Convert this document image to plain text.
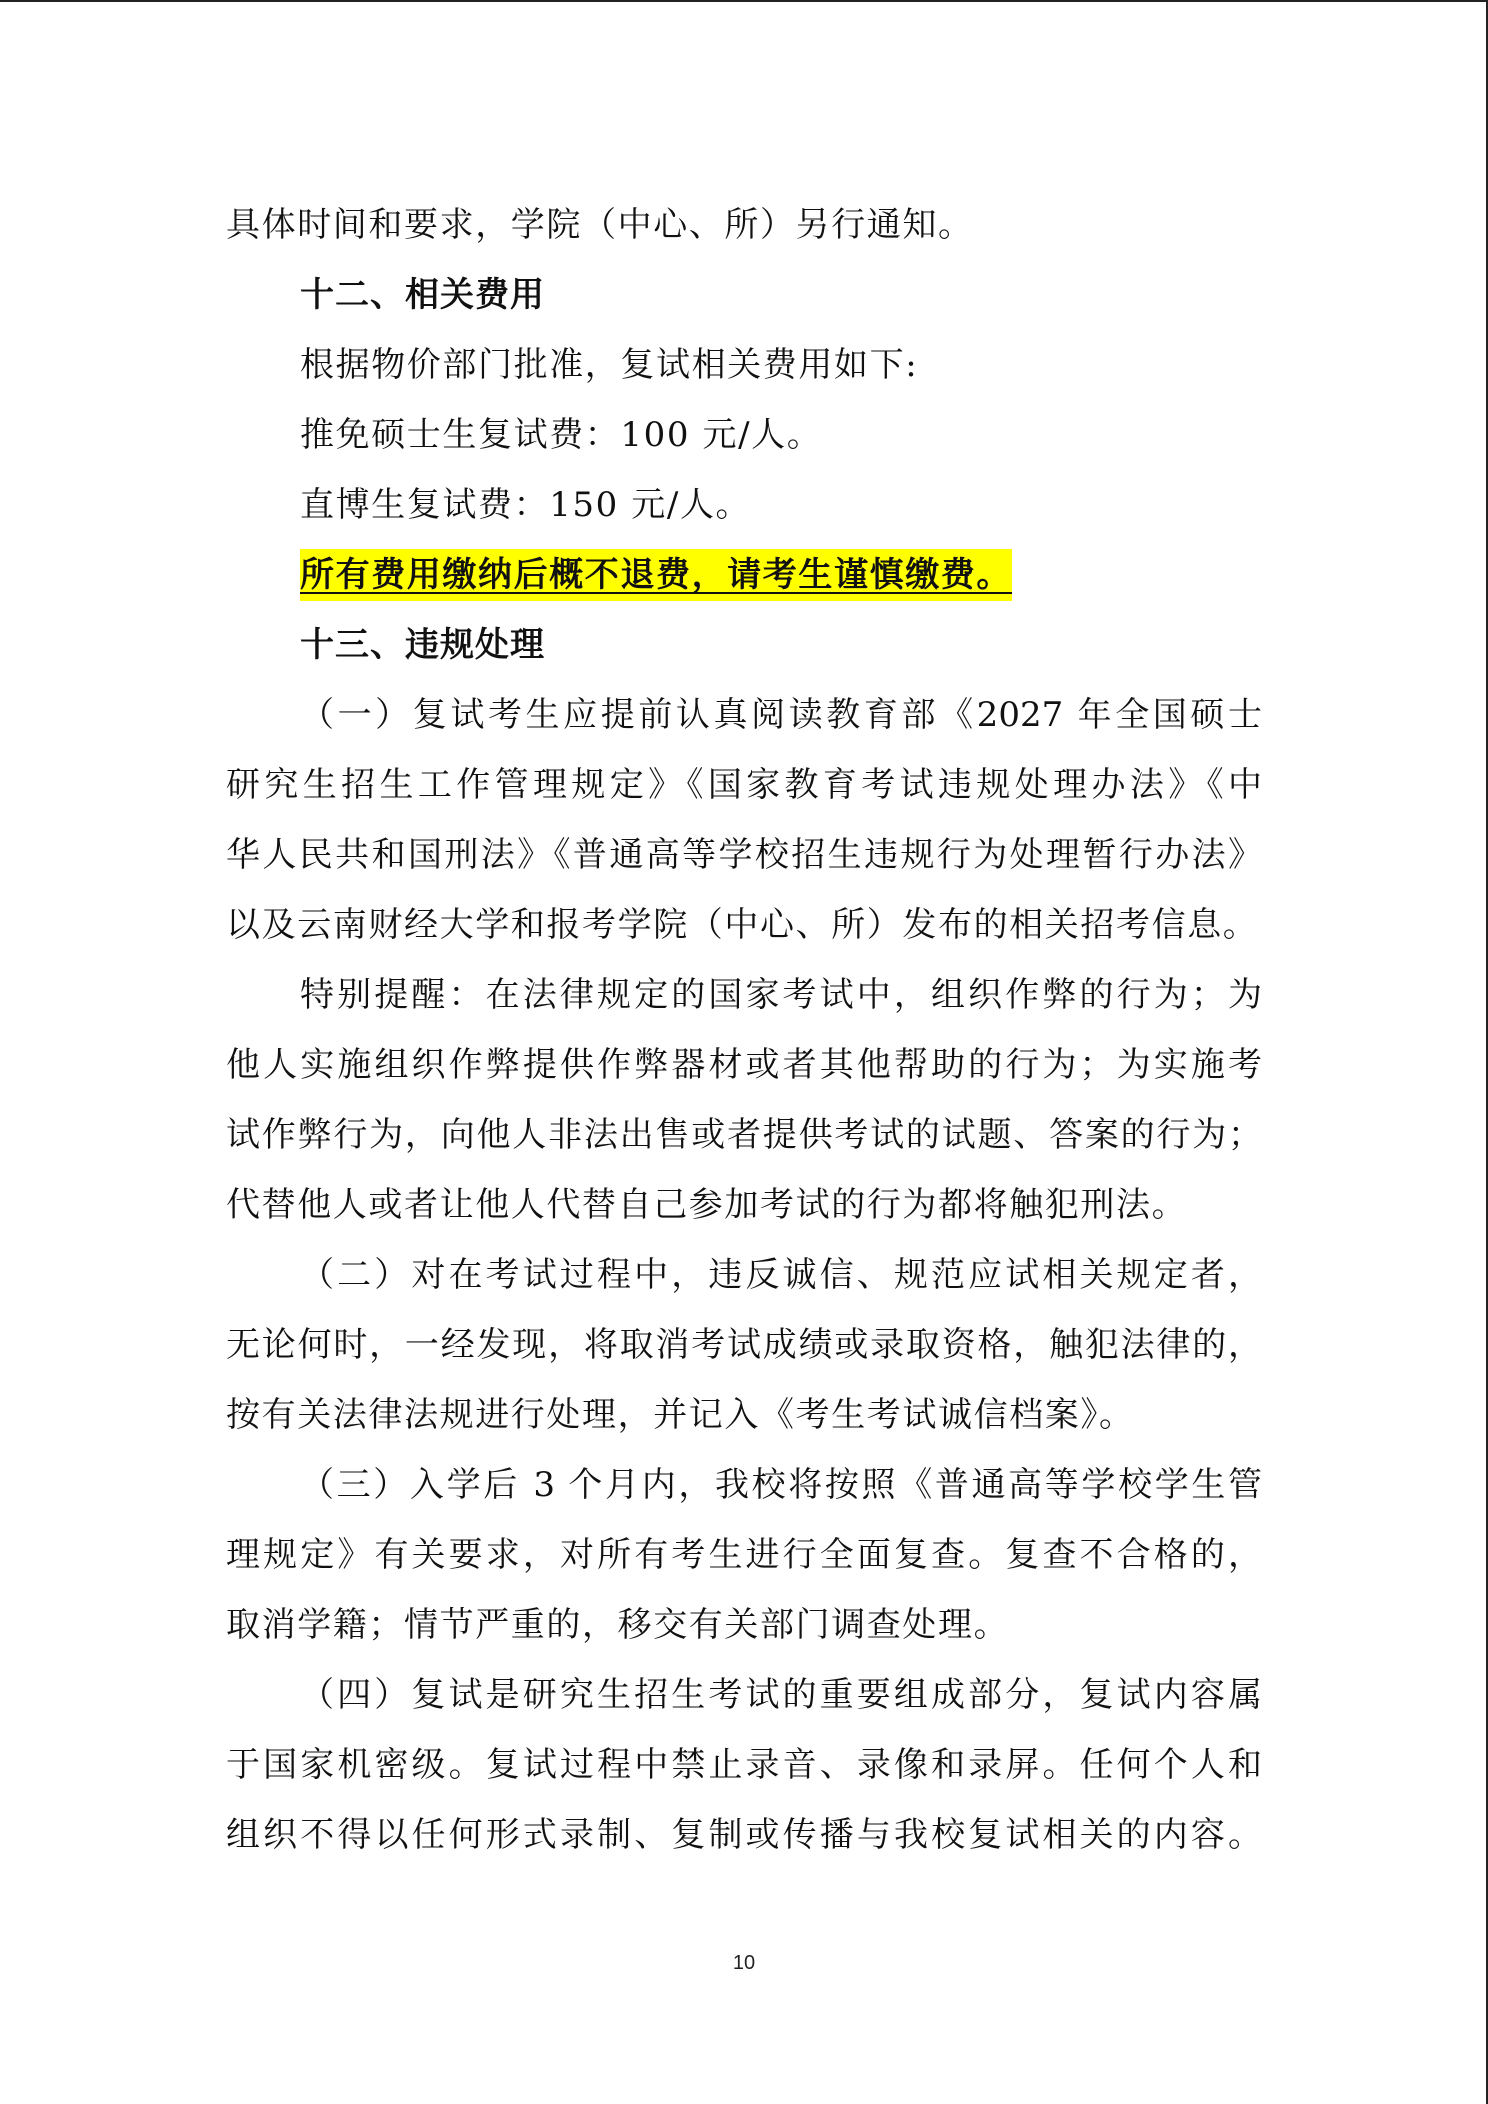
具体时间和要求，学院（中心、所）另行通知。
十二、相关费用
根据物价部门批准，复试相关费用如下:
推免硕士生复试费：100 元/人。
直博生复试费：150 元/人。
所有费用缴纳后概不退费，请考生谨慎缴费。
十三、违规处理
（一）复试考生应提前认真阅读教育部《2027 年全国硕士
研究生招生工作管理规定》《国家教育考试违规处理办法》《中
华人民共和国刑法》《普通高等学校招生违规行为处理暂行办法》
以及云南财经大学和报考学院（中心、所）发布的相关招考信息。
特别提醒：在法律规定的国家考试中，组织作弊的行为；为
他人实施组织作弊提供作弊器材或者其他帮助的行为；为实施考
试作弊行为，向他人非法出售或者提供考试的试题、答案的行为；
代替他人或者让他人代替自己参加考试的行为都将触犯刑法。
（二）对在考试过程中，违反诚信、规范应试相关规定者，
无论何时，一经发现，将取消考试成绩或录取资格，触犯法律的，
按有关法律法规进行处理，并记入《考生考试诚信档案》。
（三）入学后 3 个月内，我校将按照《普通高等学校学生管
理规定》有关要求，对所有考生进行全面复查。复查不合格的，
取消学籍；情节严重的，移交有关部门调查处理。
（四）复试是研究生招生考试的重要组成部分，复试内容属
于国家机密级。复试过程中禁止录音、录像和录屏。任何个人和
组织不得以任何形式录制、复制或传播与我校复试相关的内容。
10
